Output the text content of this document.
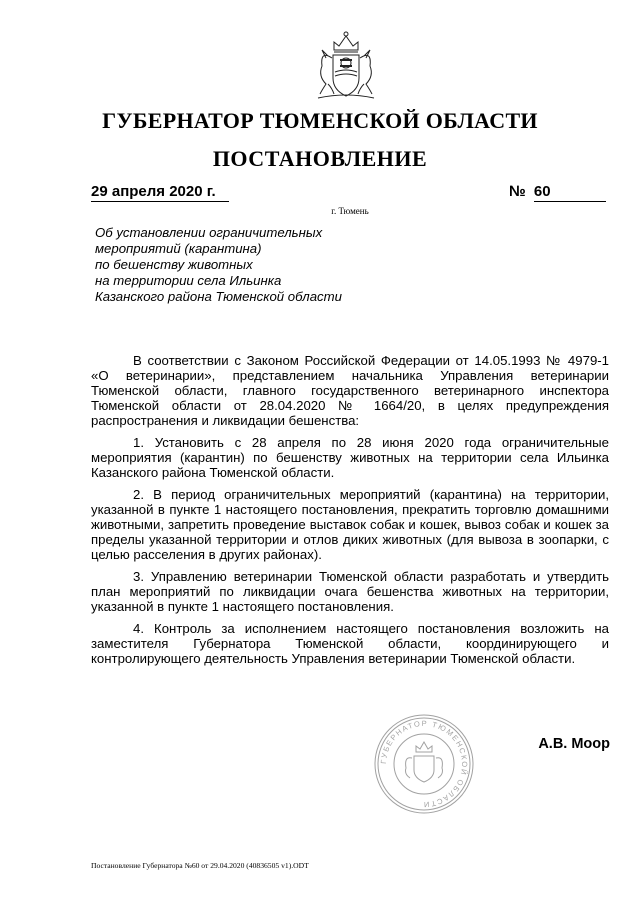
ГУБЕРНАТОР ТЮМЕНСКОЙ ОБЛАСТИ
ПОСТАНОВЛЕНИЕ
29 апреля 2020 г.	№ 60
г. Тюмень
Об установлении ограничительных
мероприятий (карантина)
по бешенству животных
на территории села Ильинка
Казанского района Тюменской области

В соответствии с Законом Российской Федерации от 14.05.1993 № 4979-1 «О ветеринарии», представлением начальника Управления ветеринарии Тюменской области, главного государственного ветеринарного инспектора Тюменской области от 28.04.2020 № 1664/20, в целях предупреждения распространения и ликвидации бешенства:

1. Установить с 28 апреля по 28 июня 2020 года ограничительные мероприятия (карантин) по бешенству животных на территории села Ильинка Казанского района Тюменской области.

2. В период ограничительных мероприятий (карантина) на территории, указанной в пункте 1 настоящего постановления, прекратить торговлю домашними животными, запретить проведение выставок собак и кошек, вывоз собак и кошек за пределы указанной территории и отлов диких животных (для вывоза в зоопарки, с целью расселения в других районах).

3. Управлению ветеринарии Тюменской области разработать и утвердить план мероприятий по ликвидации очага бешенства животных на территории, указанной в пункте 1 настоящего постановления.

4. Контроль за исполнением настоящего постановления возложить на заместителя Губернатора Тюменской области, координирующего и контролирующего деятельность Управления ветеринарии Тюменской области.

ГУБЕРНАТОР ТЮМЕНСКОЙ ОБЛАСТИ
А.В. Моор
Постановление Губернатора №60 от 29.04.2020 (40836505 v1).ODT
